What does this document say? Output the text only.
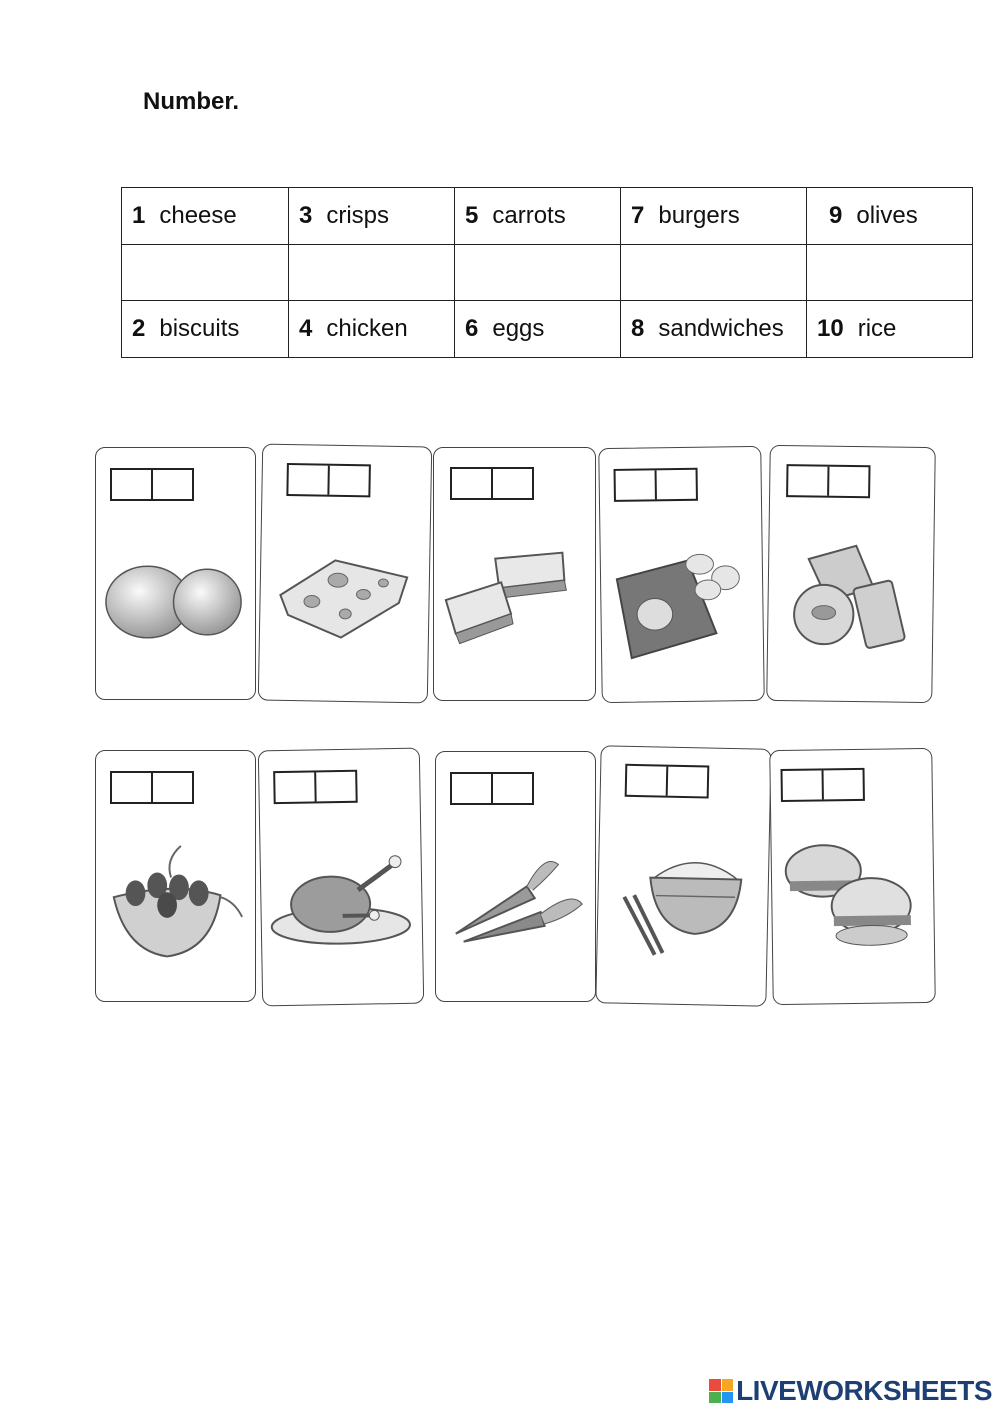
Number.
1 cheese	3 crisps	5 carrots	7 burgers	9 olives

2 biscuits	4 chicken	6 eggs	8 sandwiches	10 rice
LIVEWORKSHEETS
